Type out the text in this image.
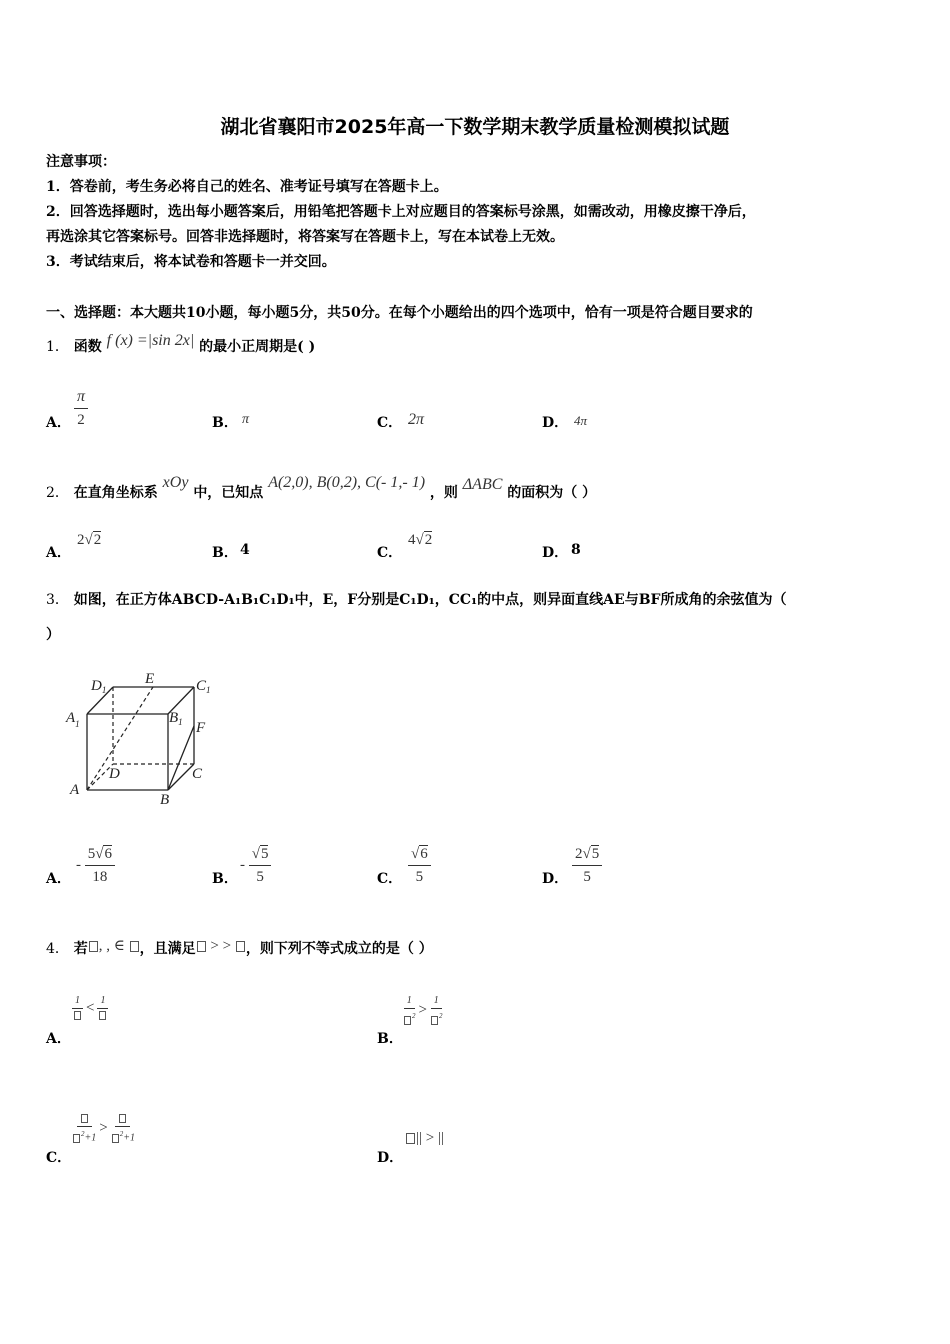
湖北省襄阳市2025年高一下数学期末教学质量检测模拟试题
注意事项：
1．答卷前，考生务必将自己的姓名、准考证号填写在答题卡上。
2．回答选择题时，选出每小题答案后，用铅笔把答题卡上对应题目的答案标号涂黑，如需改动，用橡皮擦干净后，
再选涂其它答案标号。回答非选择题时，将答案写在答题卡上，写在本试卷上无效。
3．考试结束后，将本试卷和答题卡一并交回。
一、选择题：本大题共10小题，每小题5分，共50分。在每个小题给出的四个选项中，恰有一项是符合题目要求的
1． 函数 f (x) =|sin 2x| 的最小正周期是( )
A． $\frac{\pi}{2}$	B． π	C． 2π	D． 4π
2． 在直角坐标系 xOy 中，已知点 A(2,0), B(0,2), C(- 1,- 1) ，则 ΔABC 的面积为（ ）
A．
2√2
B． 4	C．
4√2
D． 8
3． 如图，在正方体ABCD-A₁B₁C₁D₁中，E，F分别是C₁D₁，CC₁的中点，则异面直线AE与BF所成角的余弦值为（
）
$D_1$
E	$C_1$
$A_1$	$B_1$ F
D	C
A
B
A．
-
$\frac{5√6}{18}$	B．
-
$\frac{√5}{5}$	C． $\frac{√6}{5}$	D． $\frac{2√5}{5}$
4． 若 , , ∈ ，且满足 > > ，则下列不等式成立的是（ ）
A．
1 < 1
B．
$\frac{1}{^2} > \frac{1}{^2}$
C．
$^2$+1
>	$^2$+1
D．
|| > ||
